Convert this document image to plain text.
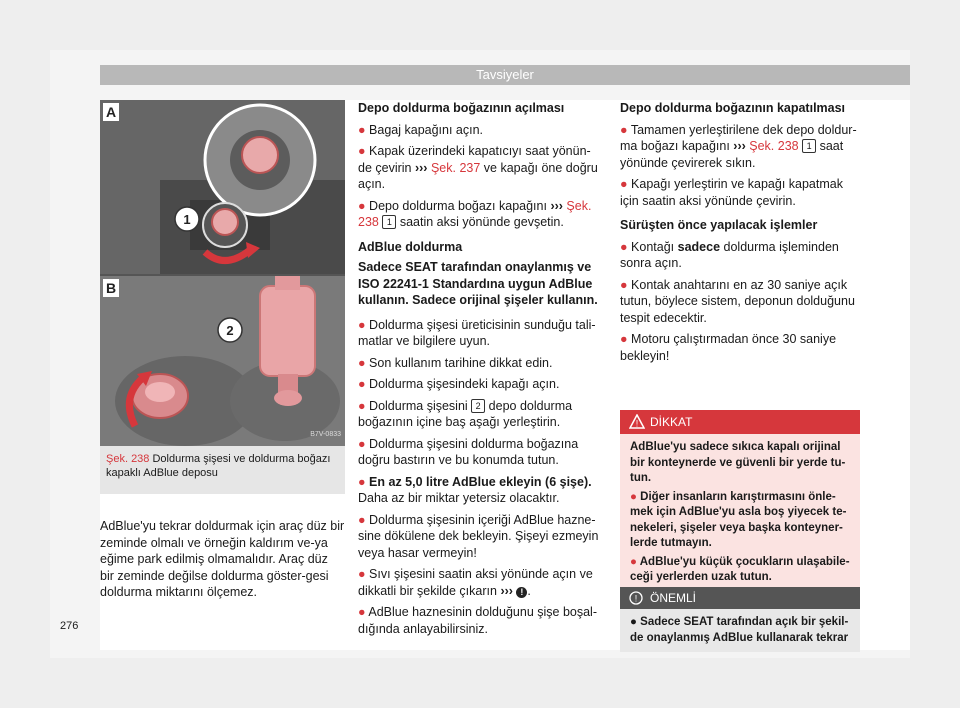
Tavsiyeler
A
1
B
2
B7V-0833
Şek. 238 Doldurma şişesi ve doldurma boğazı kapaklı AdBlue deposu

AdBlue'yu tekrar doldurmak için araç düz bir zeminde olmalı ve örneğin kaldırım ve-ya eğime park edilmiş olmamalıdır. Araç düz bir zeminde değilse doldurma göster-gesi doldurma miktarını ölçemez.

Depo doldurma boğazının açılması
● Bagaj kapağını açın.
● Kapak üzerindeki kapatıcıyı saat yönün-de çevirin ››› Şek. 237 ve kapağı öne doğru açın.
● Depo doldurma boğazı kapağını ››› Şek. 238 1 saatin aksi yönünde gevşetin.
AdBlue doldurma
Sadece SEAT tarafından onaylanmış ve ISO 22241-1 Standardına uygun AdBlue kullanın. Sadece orijinal şişeler kullanın.
● Doldurma şişesi üreticisinin sunduğu tali-matlar ve bilgilere uyun.
● Son kullanım tarihine dikkat edin.
● Doldurma şişesindeki kapağı açın.
● Doldurma şişesini 2 depo doldurma boğazının içine baş aşağı yerleştirin.
● Doldurma şişesini doldurma boğazına doğru bastırın ve bu konumda tutun.
● En az 5,0 litre AdBlue ekleyin (6 şişe). Daha az bir miktar yetersiz olacaktır.
● Doldurma şişesinin içeriği AdBlue hazne-sine dökülene dek bekleyin. Şişeyi ezmeyin veya hasar vermeyin!
● Sıvı şişesini saatin aksi yönünde açın ve dikkatli bir şekilde çıkarın ››› ! .
● AdBlue haznesinin dolduğunu şişe boşal-dığında anlayabilirsiniz.
Depo doldurma boğazının kapatılması
● Tamamen yerleştirilene dek depo doldur-ma boğazı kapağını ››› Şek. 238 1 saat yönünde çevirerek sıkın.
● Kapağı yerleştirin ve kapağı kapatmak için saatin aksi yönünde çevirin.
Sürüşten önce yapılacak işlemler
● Kontağı sadece doldurma işleminden sonra açın.
● Kontak anahtarını en az 30 saniye açık tutun, böylece sistem, deponun dolduğunu tespit edecektir.
● Motoru çalıştırmadan önce 30 saniye bekleyin!
! DİKKAT
AdBlue'yu sadece sıkıca kapalı orijinal bir konteynerde ve güvenli bir yerde tu-tun.
● Diğer insanların karıştırmasını önle-mek için AdBlue'yu asla boş yiyecek te-nekeleri, şişeler veya başka konteyner-lerde tutmayın.
● AdBlue'yu küçük çocukların ulaşabile-ceği yerlerden uzak tutun.
! ÖNEMLİ
● Sadece SEAT tarafından açık bir şekil-de onaylanmış AdBlue kullanarak tekrar
276
